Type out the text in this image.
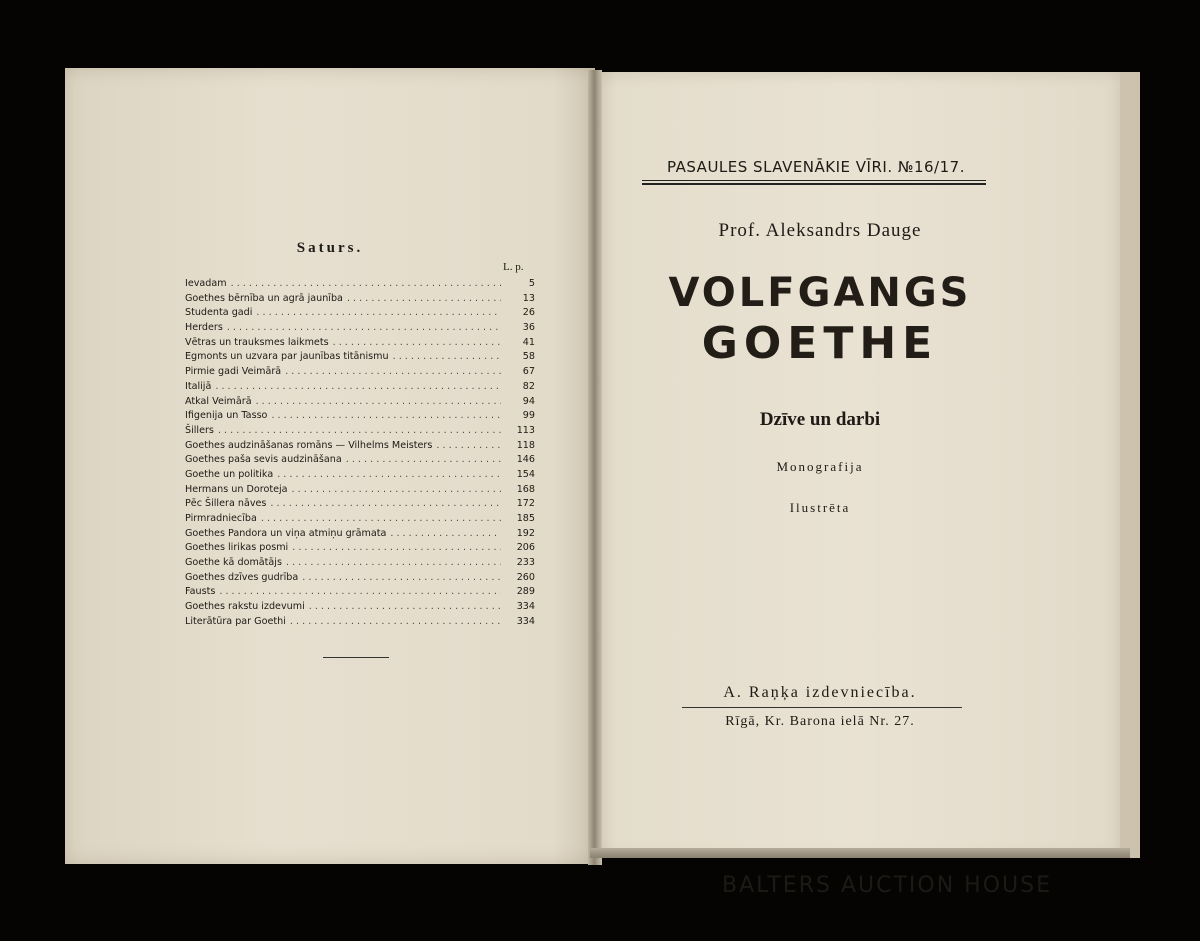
Saturs.
L. p.
Ievadam . . .	5
Goethes bērnība un agrā jaunība . . .	13
Studenta gadi . . .	26
Herders . . .	36
Vētras un trauksmes laikmets . . .	41
Egmonts un uzvara par jaunības titānismu . . .	58
Pirmie gadi Veimārā . . .	67
Italijā . . .	82
Atkal Veimārā . . .	94
Ifigenija un Tasso . . .	99
Šillers . . .	113
Goethes audzināšanas romāns — Vilhelms Meisters . . .	118
Goethes paša sevis audzināšana . . .	146
Goethe un politika . . .	154
Hermans un Doroteja . . .	168
Pēc Šillera nāves . . .	172
Pirmradniecība . . .	185
Goethes Pandora un viņa atmiņu grāmata . . .	192
Goethes lirikas posmi . . .	206
Goethe kā domātājs . . .	233
Goethes dzīves gudrība . . .	260
Fausts . . .	289
Goethes rakstu izdevumi . . .	334
Literātūra par Goethi . . .	334
PASAULES SLAVENĀKIE VĪRI. №16/17.
Prof. Aleksandrs Dauge
VOLFGANGS
GOETHE
Dzīve un darbi
Monografija
Ilustrēta
A. Raņķa izdevniecība.
Rīgā, Kr. Barona ielā Nr. 27.
BALTERS AUCTION HOUSE
